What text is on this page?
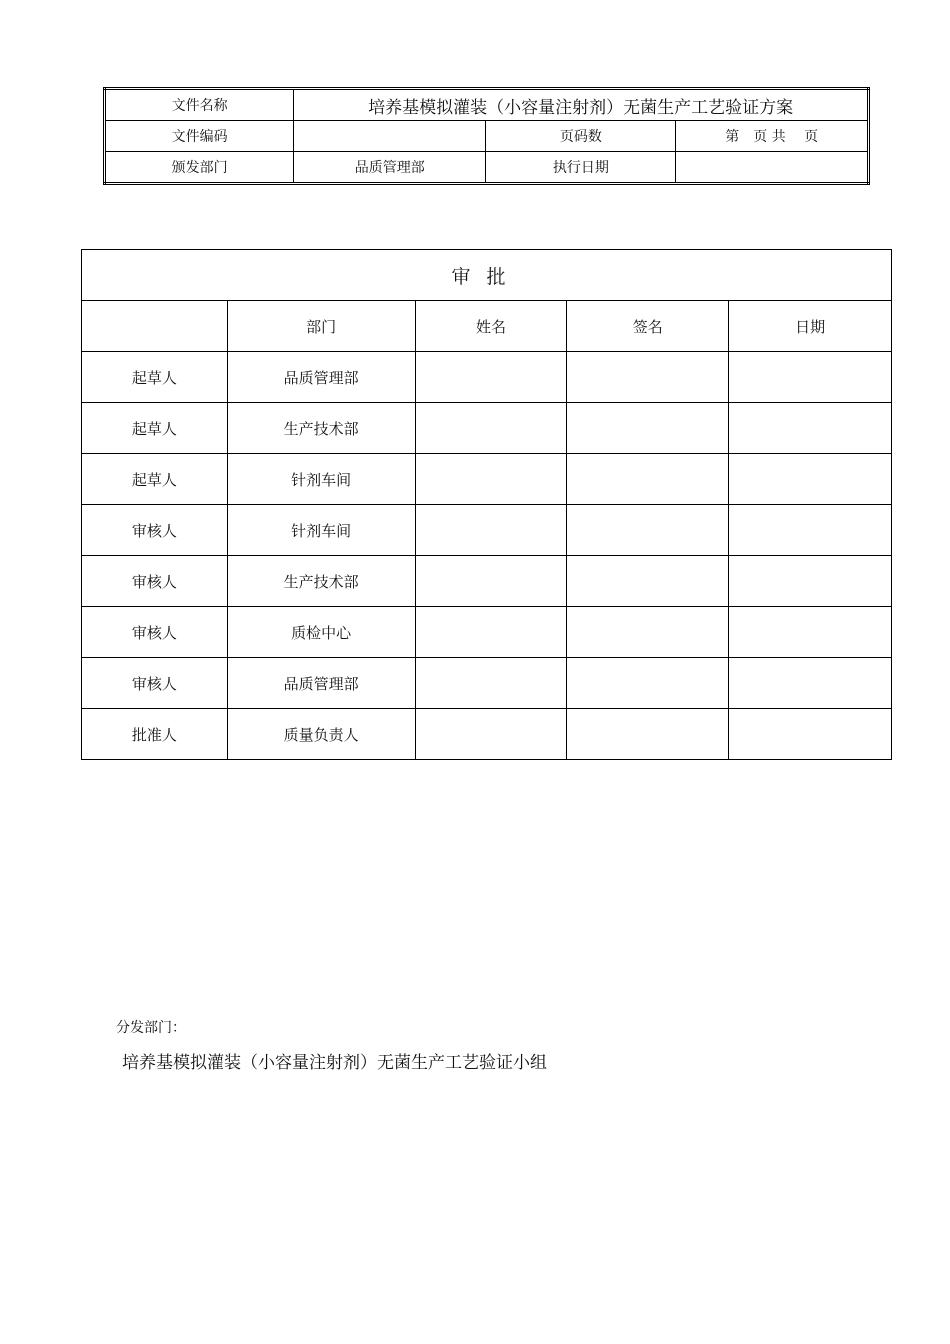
文件名称	培养基模拟灌装（小容量注射剂）无菌生产工艺验证方案		
文件编码		页码数	第　页 共　 页
颁发部门	品质管理部	执行日期	
审批				
	部门	姓名	签名	日期
起草人	品质管理部			
起草人	生产技术部			
起草人	针剂车间			
审核人	针剂车间			
审核人	生产技术部			
审核人	质检中心			
审核人	品质管理部			
批准人	质量负责人			
分发部门：
培养基模拟灌装（小容量注射剂）无菌生产工艺验证小组
